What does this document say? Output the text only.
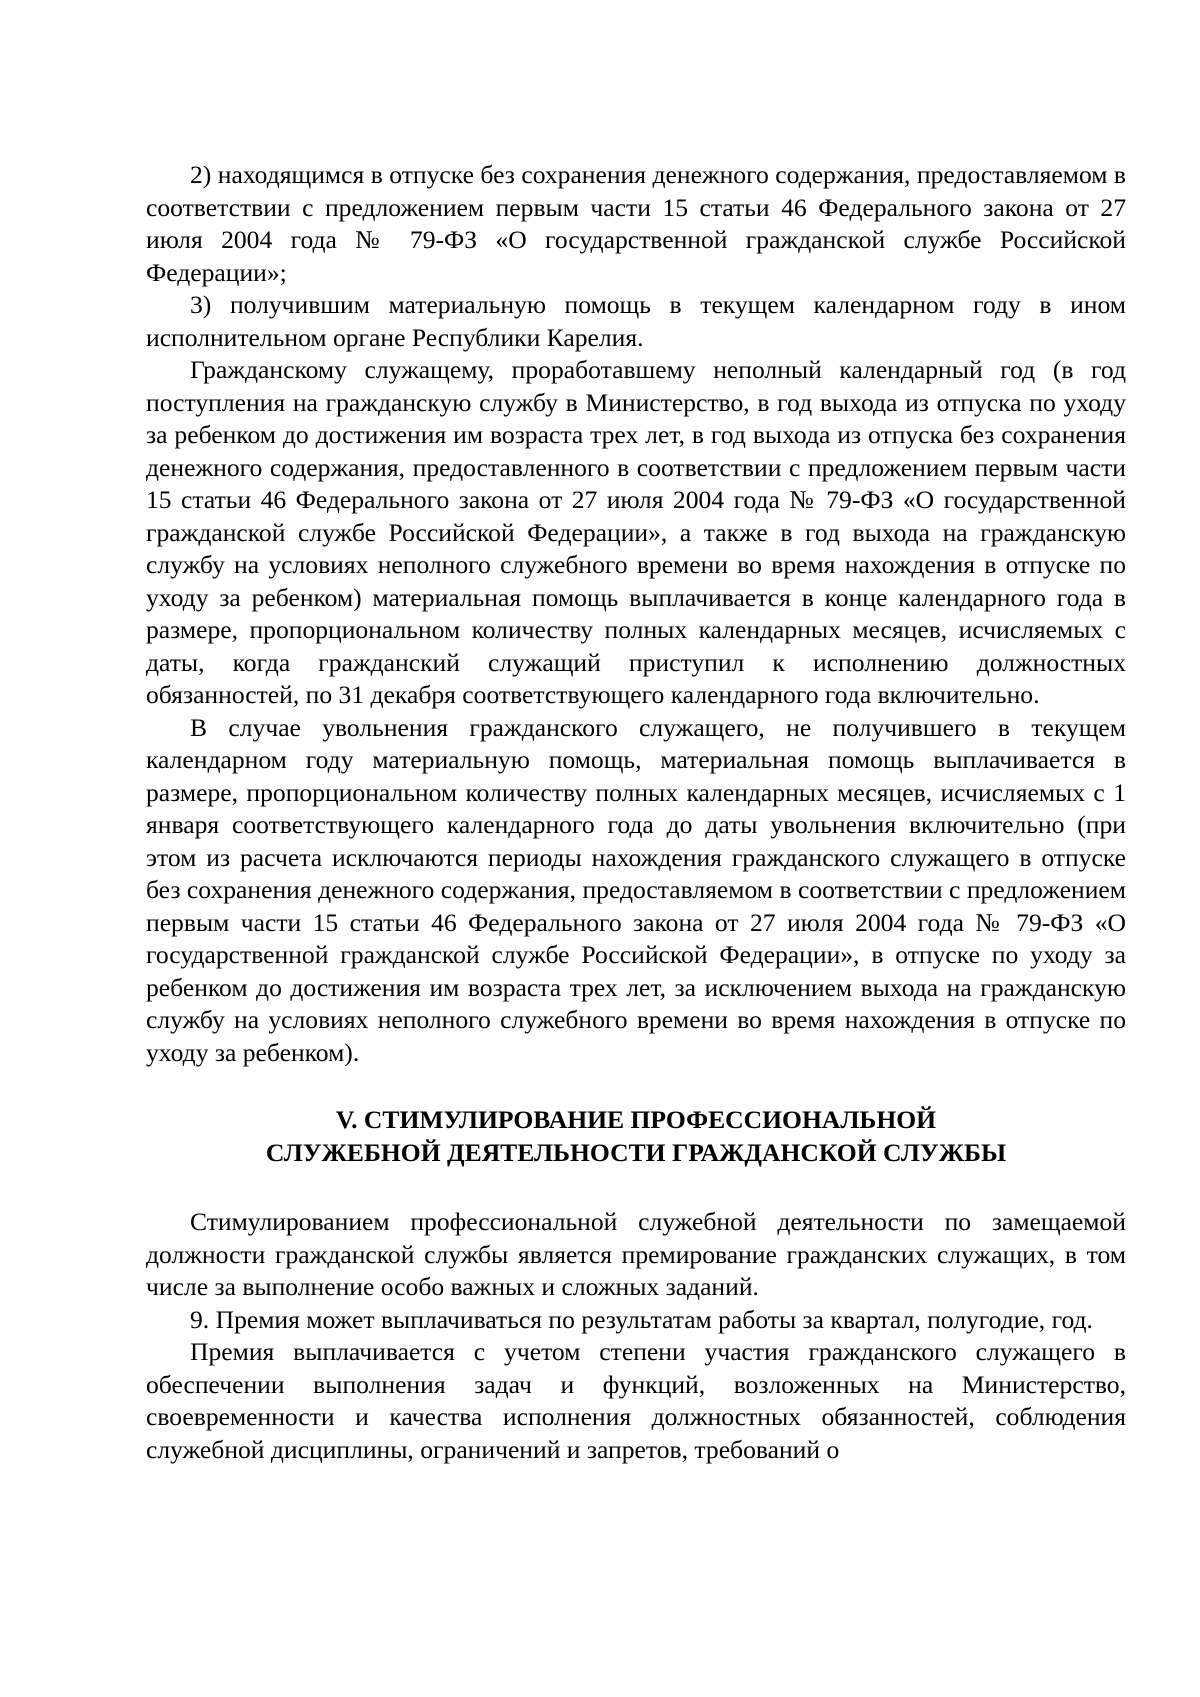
2) находящимся в отпуске без сохранения денежного содержания, предоставляемом в соответствии с предложением первым части 15 статьи 46 Федерального закона от 27 июля 2004 года № 79-ФЗ «О государственной гражданской службе Российской Федерации»;

3) получившим материальную помощь в текущем календарном году в ином исполнительном органе Республики Карелия.

Гражданскому служащему, проработавшему неполный календарный год (в год поступления на гражданскую службу в Министерство, в год выхода из отпуска по уходу за ребенком до достижения им возраста трех лет, в год выхода из отпуска без сохранения денежного содержания, предоставленного в соответствии с предложением первым части 15 статьи 46 Федерального закона от 27 июля 2004 года № 79-ФЗ «О государственной гражданской службе Российской Федерации», а также в год выхода на гражданскую службу на условиях неполного служебного времени во время нахождения в отпуске по уходу за ребенком) материальная помощь выплачивается в конце календарного года в размере, пропорциональном количеству полных календарных месяцев, исчисляемых с даты, когда гражданский служащий приступил к исполнению должностных обязанностей, по 31 декабря соответствующего календарного года включительно.

В случае увольнения гражданского служащего, не получившего в текущем календарном году материальную помощь, материальная помощь выплачивается в размере, пропорциональном количеству полных календарных месяцев, исчисляемых с 1 января соответствующего календарного года до даты увольнения включительно (при этом из расчета исключаются периоды нахождения гражданского служащего в отпуске без сохранения денежного содержания, предоставляемом в соответствии с предложением первым части 15 статьи 46 Федерального закона от 27 июля 2004 года № 79-ФЗ «О государственной гражданской службе Российской Федерации», в отпуске по уходу за ребенком до достижения им возраста трех лет, за исключением выхода на гражданскую службу на условиях неполного служебного времени во время нахождения в отпуске по уходу за ребенком).

V. СТИМУЛИРОВАНИЕ ПРОФЕССИОНАЛЬНОЙ
СЛУЖЕБНОЙ ДЕЯТЕЛЬНОСТИ ГРАЖДАНСКОЙ СЛУЖБЫ

Стимулированием профессиональной служебной деятельности по замещаемой должности гражданской службы является премирование гражданских служащих, в том числе за выполнение особо важных и сложных заданий.

9. Премия может выплачиваться по результатам работы за квартал, полугодие, год.

Премия выплачивается с учетом степени участия гражданского служащего в обеспечении выполнения задач и функций, возложенных на Министерство, своевременности и качества исполнения должностных обязанностей, соблюдения служебной дисциплины, ограничений и запретов, требований о
